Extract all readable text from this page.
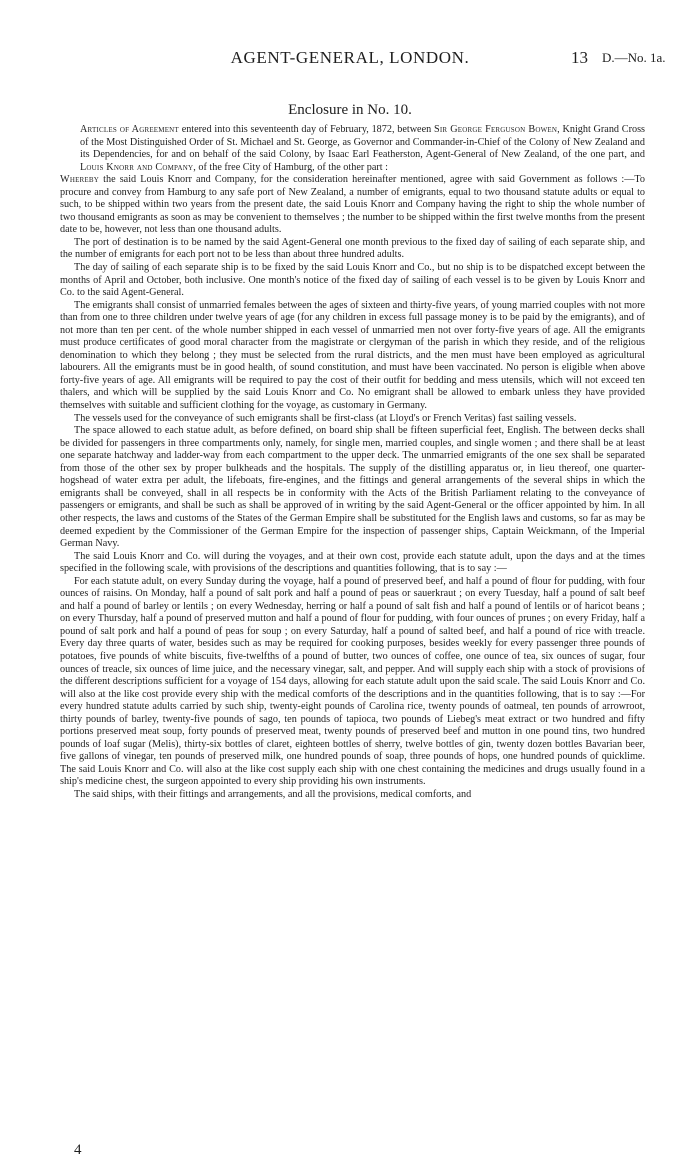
AGENT-GENERAL, LONDON.	13 D.—No. 1a.
Enclosure in No. 10.

Articles of Agreement entered into this seventeenth day of February, 1872, between Sir George Ferguson Bowen, Knight Grand Cross of the Most Distinguished Order of St. Michael and St. George, as Governor and Commander-in-Chief of the Colony of New Zealand and its Dependencies, for and on behalf of the said Colony, by Isaac Earl Featherston, Agent-General of New Zealand, of the one part, and Louis Knorr and Company, of the free City of Hamburg, of the other part :

Whereby the said Louis Knorr and Company, for the consideration hereinafter mentioned, agree with said Government as follows :—To procure and convey from Hamburg to any safe port of New Zealand, a number of emigrants, equal to two thousand statute adults or equal to such, to be shipped within two years from the present date, the said Louis Knorr and Company having the right to ship the whole number of two thousand emigrants as soon as may be convenient to themselves ; the number to be shipped within the first twelve months from the present date to be, however, not less than one thousand adults.

The port of destination is to be named by the said Agent-General one month previous to the fixed day of sailing of each separate ship, and the number of emigrants for each port not to be less than about three hundred adults.

The day of sailing of each separate ship is to be fixed by the said Louis Knorr and Co., but no ship is to be dispatched except between the months of April and October, both inclusive. One month's notice of the fixed day of sailing of each vessel is to be given by Louis Knorr and Co. to the said Agent-General.

The emigrants shall consist of unmarried females between the ages of sixteen and thirty-five years, of young married couples with not more than from one to three children under twelve years of age (for any children in excess full passage money is to be paid by the emigrants), and of not more than ten per cent. of the whole number shipped in each vessel of unmarried men not over forty-five years of age. All the emigrants must produce certificates of good moral character from the magistrate or clergyman of the parish in which they reside, and of the religious denomination to which they belong ; they must be selected from the rural districts, and the men must have been employed as agricultural labourers. All the emigrants must be in good health, of sound constitution, and must have been vaccinated. No person is eligible when above forty-five years of age. All emigrants will be required to pay the cost of their outfit for bedding and mess utensils, which will not exceed ten thalers, and which will be supplied by the said Louis Knorr and Co. No emigrant shall be allowed to embark unless they have provided themselves with suitable and sufficient clothing for the voyage, as customary in Germany.

The vessels used for the conveyance of such emigrants shall be first-class (at Lloyd's or French Veritas) fast sailing vessels.

The space allowed to each statue adult, as before defined, on board ship shall be fifteen superficial feet, English. The between decks shall be divided for passengers in three compartments only, namely, for single men, married couples, and single women ; and there shall be at least one separate hatchway and ladder-way from each compartment to the upper deck. The unmarried emigrants of the one sex shall be separated from those of the other sex by proper bulkheads and the hospitals. The supply of the distilling apparatus or, in lieu thereof, one quarter-hogshead of water extra per adult, the lifeboats, fire-engines, and the fittings and general arrangements of the several ships in which the emigrants shall be conveyed, shall in all respects be in conformity with the Acts of the British Parliament relating to the conveyance of passengers or emigrants, and shall be such as shall be approved of in writing by the said Agent-General or the officer appointed by him. In all other respects, the laws and customs of the States of the German Empire shall be substituted for the English laws and customs, so far as may be deemed expedient by the Commissioner of the German Empire for the inspection of passenger ships, Captain Weickmann, of the Imperial German Navy.

The said Louis Knorr and Co. will during the voyages, and at their own cost, provide each statute adult, upon the days and at the times specified in the following scale, with provisions of the descriptions and quantities following, that is to say :—

For each statute adult, on every Sunday during the voyage, half a pound of preserved beef, and half a pound of flour for pudding, with four ounces of raisins. On Monday, half a pound of salt pork and half a pound of peas or sauerkraut ; on every Tuesday, half a pound of salt beef and half a pound of barley or lentils ; on every Wednesday, herring or half a pound of salt fish and half a pound of lentils or of haricot beans ; on every Thursday, half a pound of preserved mutton and half a pound of flour for pudding, with four ounces of prunes ; on every Friday, half a pound of salt pork and half a pound of peas for soup ; on every Saturday, half a pound of salted beef, and half a pound of rice with treacle. Every day three quarts of water, besides such as may be required for cooking purposes, besides weekly for every passenger three pounds of potatoes, five pounds of white biscuits, five-twelfths of a pound of butter, two ounces of coffee, one ounce of tea, six ounces of sugar, four ounces of treacle, six ounces of lime juice, and the necessary vinegar, salt, and pepper. And will supply each ship with a stock of provisions of the different descriptions sufficient for a voyage of 154 days, allowing for each statute adult upon the said scale. The said Louis Knorr and Co. will also at the like cost provide every ship with the medical comforts of the descriptions and in the quantities following, that is to say :—For every hundred statute adults carried by such ship, twenty-eight pounds of Carolina rice, twenty pounds of oatmeal, ten pounds of arrowroot, thirty pounds of barley, twenty-five pounds of sago, ten pounds of tapioca, two pounds of Liebeg's meat extract or two hundred and fifty portions preserved meat soup, forty pounds of preserved meat, twenty pounds of preserved beef and mutton in one pound tins, two hundred pounds of loaf sugar (Melis), thirty-six bottles of claret, eighteen bottles of sherry, twelve bottles of gin, twenty dozen bottles Bavarian beer, five gallons of vinegar, ten pounds of preserved milk, one hundred pounds of soap, three pounds of hops, one hundred pounds of quicklime. The said Louis Knorr and Co. will also at the like cost supply each ship with one chest containing the medicines and drugs usually found in a ship's medicine chest, the surgeon appointed to every ship providing his own instruments.

The said ships, with their fittings and arrangements, and all the provisions, medical comforts, and

4
